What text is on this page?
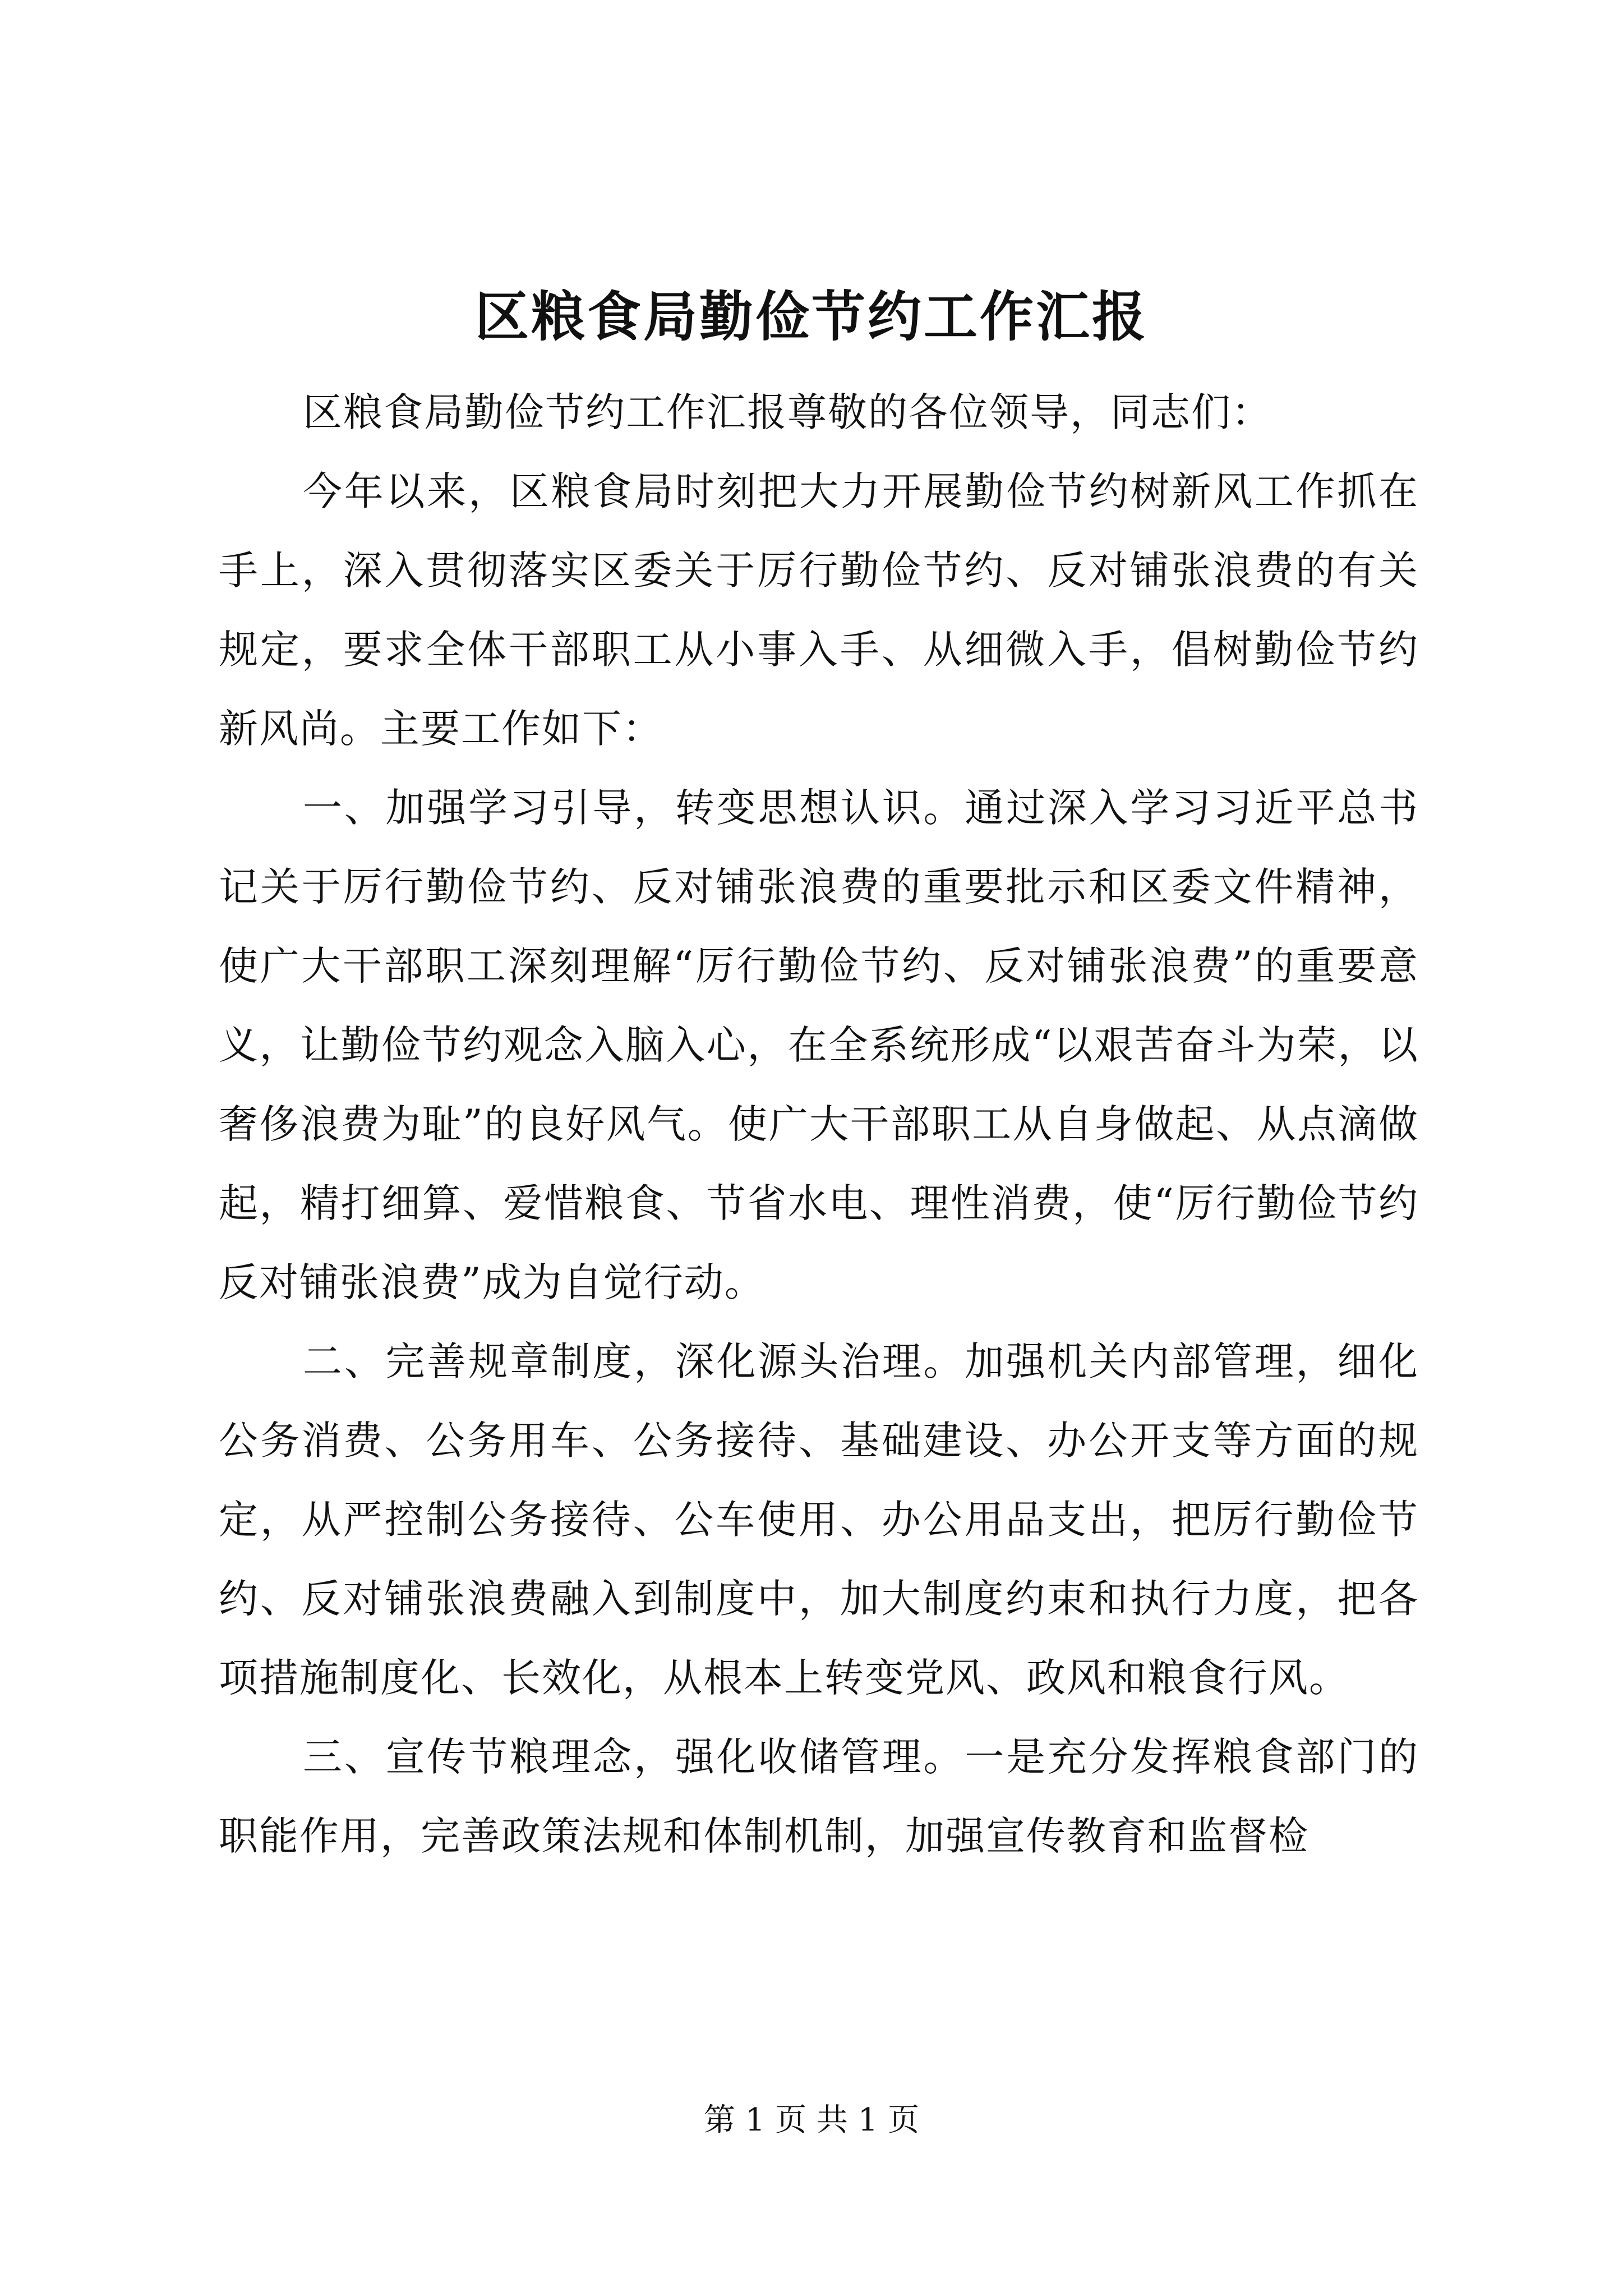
区粮食局勤俭节约工作汇报

区粮食局勤俭节约工作汇报尊敬的各位领导，同志们：

今年以来，区粮食局时刻把大力开展勤俭节约树新风工作抓在手上，深入贯彻落实区委关于厉行勤俭节约、反对铺张浪费的有关规定，要求全体干部职工从小事入手、从细微入手，倡树勤俭节约新风尚。主要工作如下：

一、加强学习引导，转变思想认识。通过深入学习习近平总书记关于厉行勤俭节约、反对铺张浪费的重要批示和区委文件精神，使广大干部职工深刻理解“厉行勤俭节约、反对铺张浪费”的重要意义，让勤俭节约观念入脑入心，在全系统形成“以艰苦奋斗为荣，以奢侈浪费为耻”的良好风气。使广大干部职工从自身做起、从点滴做起，精打细算、爱惜粮食、节省水电、理性消费，使“厉行勤俭节约反对铺张浪费”成为自觉行动。

二、完善规章制度，深化源头治理。加强机关内部管理，细化公务消费、公务用车、公务接待、基础建设、办公开支等方面的规定，从严控制公务接待、公车使用、办公用品支出，把厉行勤俭节约、反对铺张浪费融入到制度中，加大制度约束和执行力度，把各项措施制度化、长效化，从根本上转变党风、政风和粮食行风。

三、宣传节粮理念，强化收储管理。一是充分发挥粮食部门的职能作用，完善政策法规和体制机制，加强宣传教育和监督检

第 1 页 共 1 页
